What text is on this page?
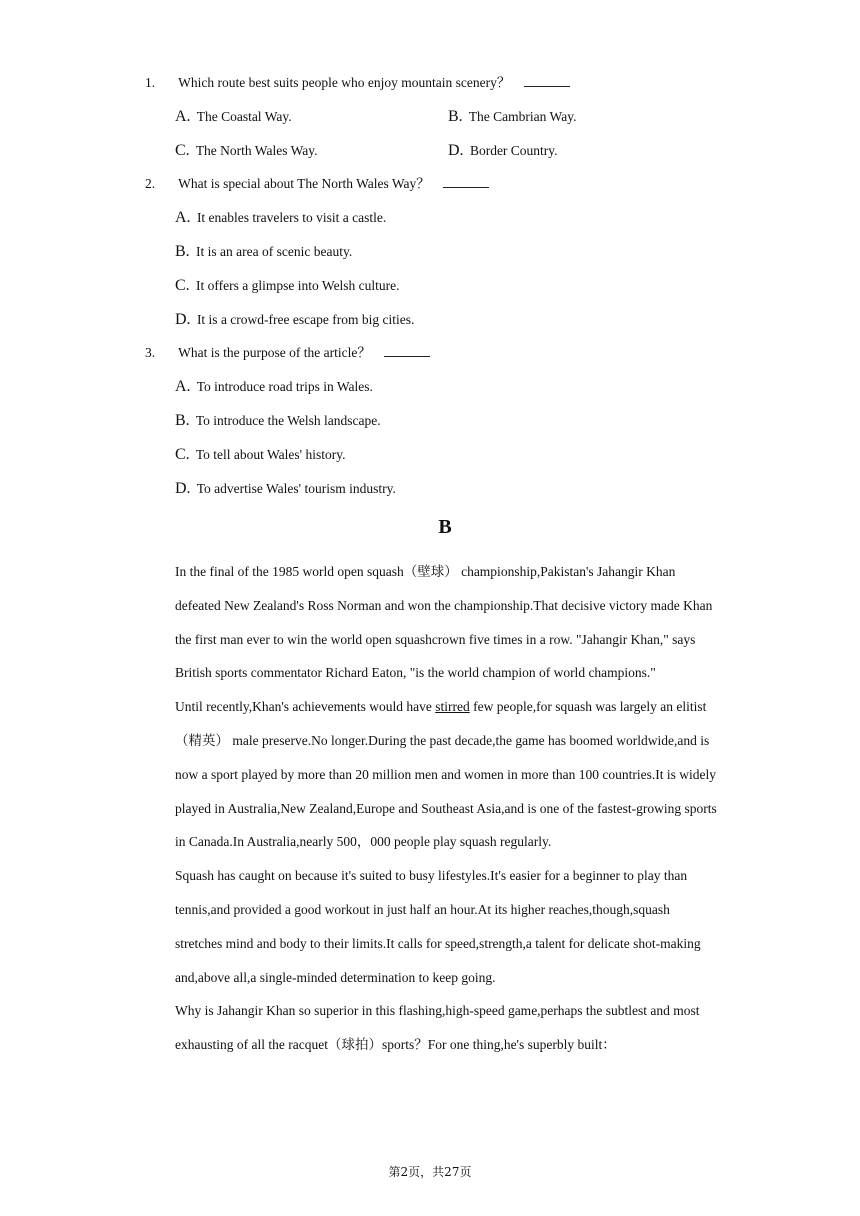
1. Which route best suits people who enjoy mountain scenery？
A. The Coastal Way.	B. The Cambrian Way.
C. The North Wales Way.	D. Border Country.
2. What is special about The North Wales Way？
A. It enables travelers to visit a castle.
B. It is an area of scenic beauty.
C. It offers a glimpse into Welsh culture.
D. It is a crowd-free escape from big cities.
3. What is the purpose of the article？
A. To introduce road trips in Wales.
B. To introduce the Welsh landscape.
C. To tell about Wales' history.
D. To advertise Wales' tourism industry.
B

In the final of the 1985 world open squash（壁球） championship,Pakistan's Jahangir Khan defeated New Zealand's Ross Norman and won the championship.That decisive victory made Khan the first man ever to win the world open squashcrown five times in a row. "Jahangir Khan," says British sports commentator Richard Eaton, "is the world champion of world champions."

Until recently,Khan's achievements would have stirred few people,for squash was largely an elitist（精英） male preserve.No longer.During the past decade,the game has boomed worldwide,and is now a sport played by more than 20 million men and women in more than 100 countries.It is widely played in Australia,New Zealand,Europe and Southeast Asia,and is one of the fastest-growing sports in Canada.In Australia,nearly 500，000 people play squash regularly.

Squash has caught on because it's suited to busy lifestyles.It's easier for a beginner to play than tennis,and provided a good workout in just half an hour.At its higher reaches,though,squash stretches mind and body to their limits.It calls for speed,strength,a talent for delicate shot-making and,above all,a single-minded determination to keep going.

Why is Jahangir Khan so superior in this flashing,high-speed game,perhaps the subtlest and most exhausting of all the racquet（球拍）sports？For one thing,he's superbly built：

第2页，共27页
